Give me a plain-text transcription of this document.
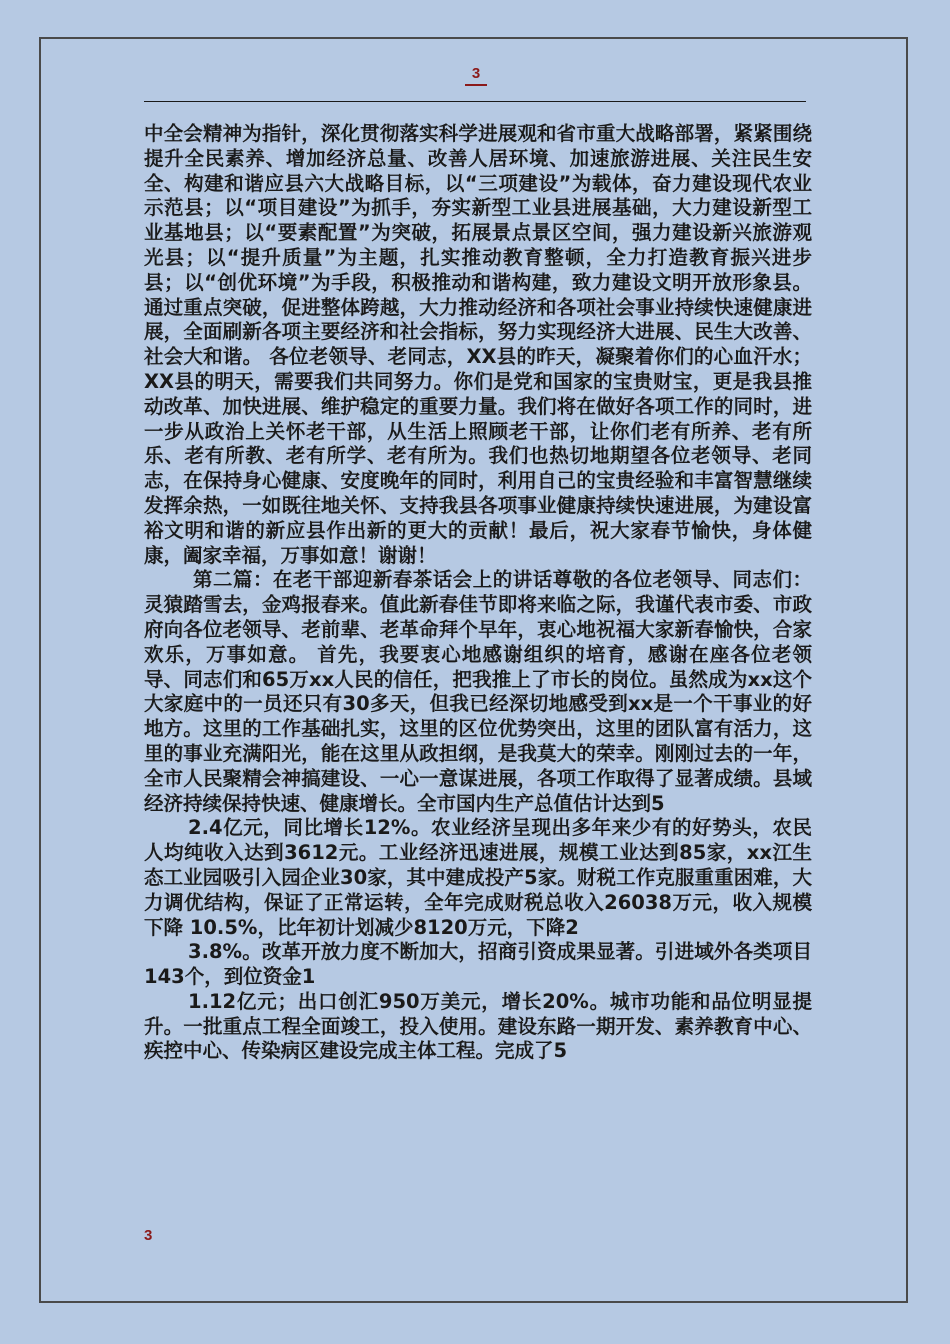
3

中全会精神为指针，深化贯彻落实科学进展观和省市重大战略部署，紧紧围绕提升全民素养、增加经济总量、改善人居环境、加速旅游进展、关注民生安全、构建和谐应县六大战略目标，以“三项建设”为载体，奋力建设现代农业示范县；以“项目建设”为抓手，夯实新型工业县进展基础，大力建设新型工业基地县；以“要素配置”为突破，拓展景点景区空间，强力建设新兴旅游观光县；以“提升质量”为主题，扎实推动教育整顿，全力打造教育振兴进步县；以“创优环境”为手段，积极推动和谐构建，致力建设文明开放形象县。通过重点突破，促进整体跨越，大力推动经济和各项社会事业持续快速健康进展，全面刷新各项主要经济和社会指标，努力实现经济大进展、民生大改善、社会大和谐。 各位老领导、老同志，XX县的昨天，凝聚着你们的心血汗水；XX县的明天，需要我们共同努力。你们是党和国家的宝贵财宝，更是我县推动改革、加快进展、维护稳定的重要力量。我们将在做好各项工作的同时，进一步从政治上关怀老干部，从生活上照顾老干部，让你们老有所养、老有所乐、老有所教、老有所学、老有所为。我们也热切地期望各位老领导、老同志，在保持身心健康、安度晚年的同时，利用自己的宝贵经验和丰富智慧继续发挥余热，一如既往地关怀、支持我县各项事业健康持续快速进展，为建设富裕文明和谐的新应县作出新的更大的贡献！最后，祝大家春节愉快，身体健康，阖家幸福，万事如意！谢谢！

第二篇：在老干部迎新春茶话会上的讲话尊敬的各位老领导、同志们：灵猿踏雪去，金鸡报春来。值此新春佳节即将来临之际，我谨代表市委、市政府向各位老领导、老前辈、老革命拜个早年，衷心地祝福大家新春愉快，合家欢乐，万事如意。 首先，我要衷心地感谢组织的培育，感谢在座各位老领导、同志们和65万xx人民的信任，把我推上了市长的岗位。虽然成为xx这个大家庭中的一员还只有30多天，但我已经深切地感受到xx是一个干事业的好地方。这里的工作基础扎实，这里的区位优势突出，这里的团队富有活力，这里的事业充满阳光，能在这里从政担纲，是我莫大的荣幸。刚刚过去的一年，全市人民聚精会神搞建设、一心一意谋进展，各项工作取得了显著成绩。县域经济持续保持快速、健康增长。全市国内生产总值估计达到5

2.4亿元，同比增长12%。农业经济呈现出多年来少有的好势头，农民人均纯收入达到3612元。工业经济迅速进展，规模工业达到85家，xx江生态工业园吸引入园企业30家，其中建成投产5家。财税工作克服重重困难，大力调优结构，保证了正常运转，全年完成财税总收入26038万元，收入规模下降 10.5%，比年初计划减少8120万元，下降2

3.8%。改革开放力度不断加大，招商引资成果显著。引进域外各类项目143个，到位资金1

1.12亿元；出口创汇950万美元，增长20%。城市功能和品位明显提升。一批重点工程全面竣工，投入使用。建设东路一期开发、素养教育中心、疾控中心、传染病区建设完成主体工程。完成了5

3
